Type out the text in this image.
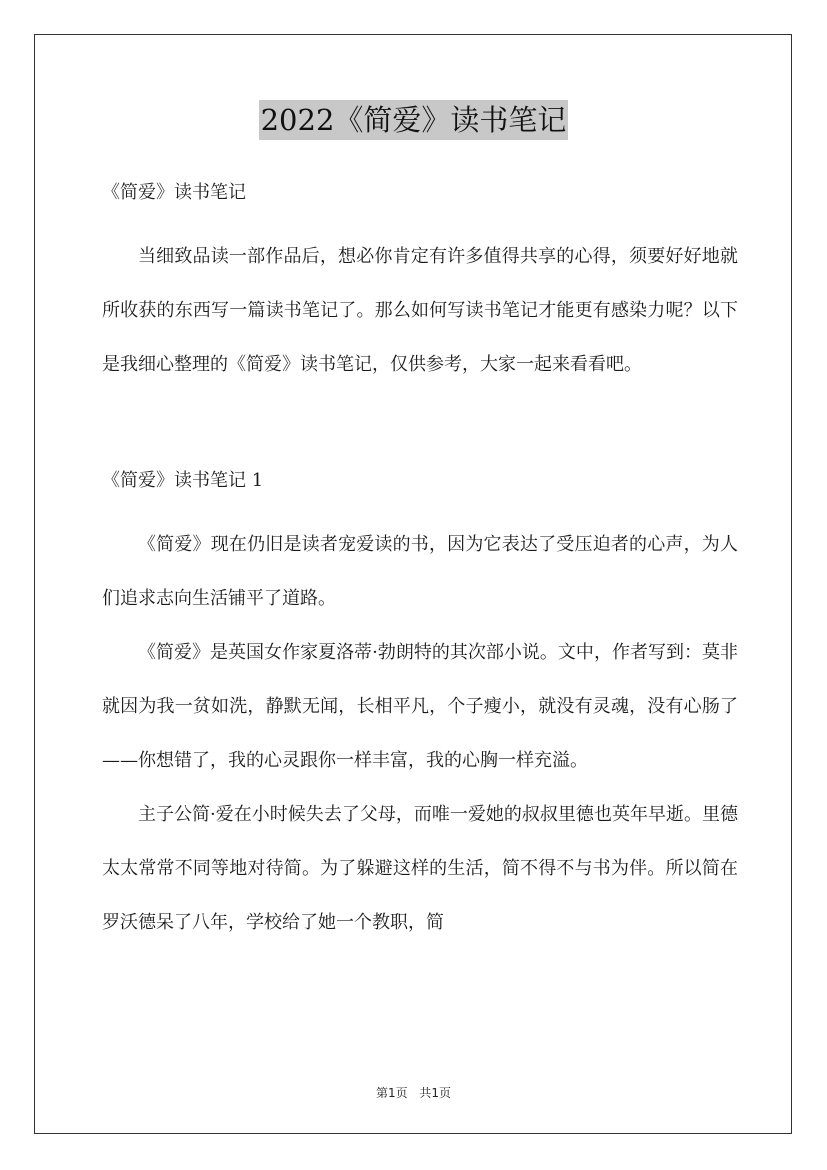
2022《简爱》读书笔记

《简爱》读书笔记

当细致品读一部作品后，想必你肯定有许多值得共享的心得，须要好好地就所收获的东西写一篇读书笔记了。那么如何写读书笔记才能更有感染力呢？以下是我细心整理的《简爱》读书笔记，仅供参考，大家一起来看看吧。

《简爱》读书笔记 1

《简爱》现在仍旧是读者宠爱读的书，因为它表达了受压迫者的心声，为人们追求志向生活铺平了道路。

《简爱》是英国女作家夏洛蒂·勃朗特的其次部小说。文中，作者写到：莫非就因为我一贫如洗，静默无闻，长相平凡，个子瘦小，就没有灵魂，没有心肠了——你想错了，我的心灵跟你一样丰富，我的心胸一样充溢。

主子公简·爱在小时候失去了父母，而唯一爱她的叔叔里德也英年早逝。里德太太常常不同等地对待简。为了躲避这样的生活，简不得不与书为伴。所以简在罗沃德呆了八年，学校给了她一个教职，简

第1页 共1页
